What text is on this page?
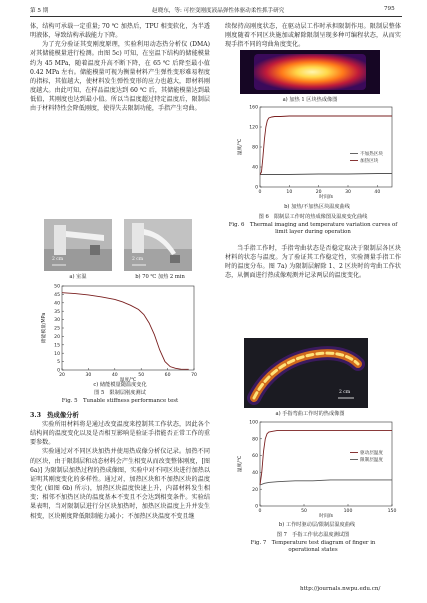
第 5 期	赵晓东，等: 可控变刚度液晶弹性体驱动柔性抓手研究	795

体，结构可承载一定重量; 70 ℃ 加热后，TPU 相变软化，为半透明液体，导致结构承载能力下降。

为了充分验证其变刚度原理，实验利用动态热分析仪 (DMA) 对其储能模量进行检测。由图 5c) 可知，在室温下结构的储能模量约为 45 MPa，随着温度升高不断下降，在 65 ℃ 后降至最小值 0.42 MPa 左右。储能模量可视为衡量材料产生弹性变形难易程度的指标，其值越大，使材料发生弹性变形的应力也越大，即材料刚度越大。由此可知，在样品温度达到 60 ℃ 后，其储能模量达到最低值，其刚度也达到最小值。所以当温度超过特定温度后，限制层由于材料特性会降低刚度，使得失去限制功能，手指产生弯曲。

2 cm	2 cm
a) 室温	b) 70 ℃ 加热 2 min
20	30	40	50	60	70
0
5
10
15
20
25
30
35
40
45
50
温度/℃
储能模量/MPa
c) 储能模量随温度变化
图 5　限制层刚度测试
Fig. 5　Tunable stiffness performance test
3.3　热成像分析

实验所用材料将是通过改变温度来控制其工作状态，因此各个结构间的温度变化以及是否相互影响是验证手指能否正常工作的重要参数。

实验通过对不同区块加热并使用热成像分析仪记录。加热不同的区块，由于限制层和动态材料会产生相变从而改变整体刚度，[图 6a)] 为限制层加热过程的热成像图，实验中对不同区块进行加热以证明其刚度变化的多样性。通过对，加热区块和不加热区块的温度变化 (如图 6b) 所示)，加热区块温度快速上升，内部材料发生相变；相邻不加热区块的温度基本不变且不会达到相变条件。实验结果表明，当对限制层进行分区块加热时，加热区块温度上升并发生相变，区块刚度降低限制能力减小；不加热区块温度不变且继

续保持高刚度状态，在驱动层工作时承担限制作用。限制层整体刚度随着不同区块施加或解除限制呈现多种可编程状态，从而实现手指不同的弯曲角度变化。

a) 加热 1 区块热成像图
0	10	20	30	40
0
40
80
120
160
时间/s
温度/℃	不加热区块
加热区块
b) 加热/不加热区块温度曲线
图 6　限制层工作时的热成像图及温度变化曲线
Fig. 6　Thermal imaging and temperature variation curves of
limit layer during operation

当手指工作时，手指弯曲状态是否稳定取决于限制层各区块材料的状态与温度。为了验证其工作稳定性，实验测量手指工作时的温度分布。图 7a) 为限制层解除 1、2 区块时的弯曲工作状态，从侧面进行热成像观测并记录两层的温度变化。

2 cm
a) 手指弯曲工作时的热成像图
0	50	100	150
0
20
40
60
80
100
时间/s
温度/℃
驱动层温度
限制层温度
b) 工作时驱动层/限制层温度曲线
图 7　手指工作状态温度测试图
Fig. 7　Temperature test diagram of finger in
operational states
http://journals.nwpu.edu.cn/
